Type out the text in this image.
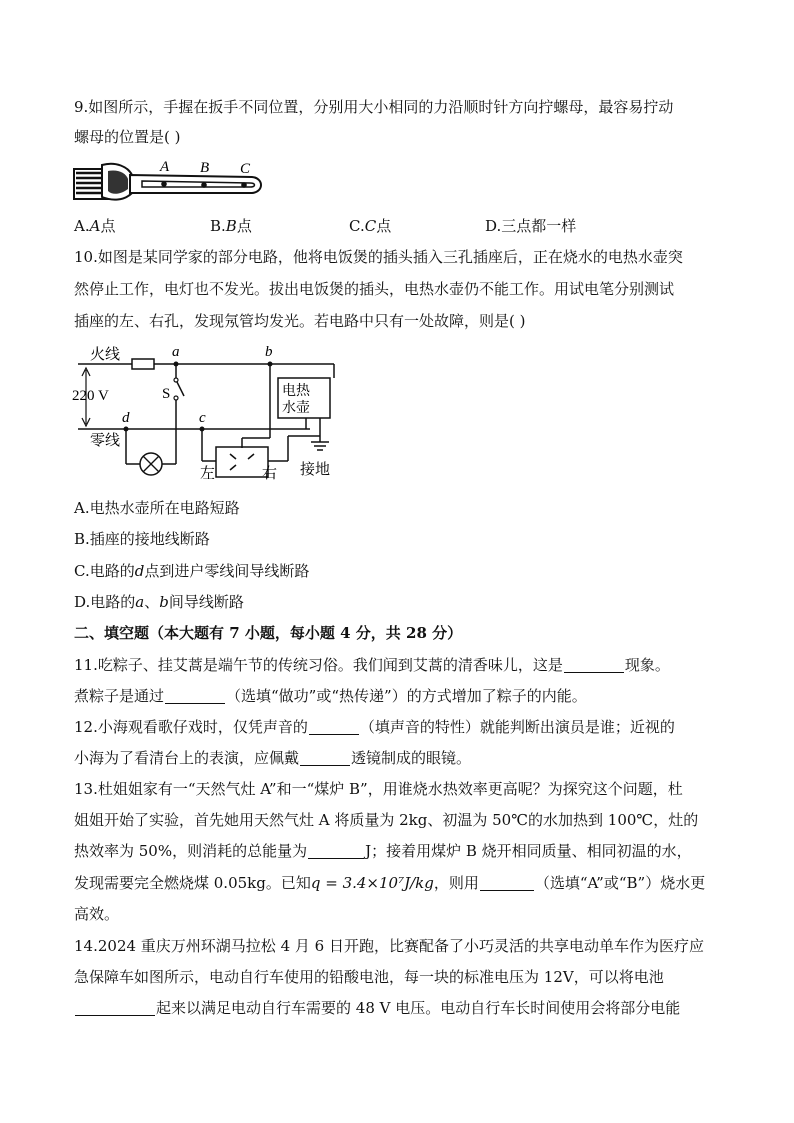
9.如图所示，手握在扳手不同位置，分别用大小相同的力沿顺时针方向拧螺母，最容易拧动
螺母的位置是( )
A B C
A.A点	B.B点	C.C点	D.三点都一样
10.如图是某同学家的部分电路，他将电饭煲的插头插入三孔插座后，正在烧水的电热水壶突
然停止工作，电灯也不发光。拔出电饭煲的插头，电热水壶仍不能工作。用试电笔分别测试
插座的左、右孔，发现氖管均发光。若电路中只有一处故障，则是( )
火线
零线
220 V	S
a	b
c
d
电热
水壶
左	右 接地
A.电热水壶所在电路短路
B.插座的接地线断路
C.电路的d点到进户零线间导线断路
D.电路的a、b间导线断路
二、填空题（本大题有 7 小题，每小题 4 分，共 28 分）
11.吃粽子、挂艾蒿是端午节的传统习俗。我们闻到艾蒿的清香味儿，这是	现象。
煮粽子是通过	（选填“做功”或“热传递”）的方式增加了粽子的内能。
12.小海观看歌仔戏时，仅凭声音的	（填声音的特性）就能判断出演员是谁；近视的
小海为了看清台上的表演，应佩戴	透镜制成的眼镜。
13.杜姐姐家有一“天然气灶 A”和一“煤炉 B”，用谁烧水热效率更高呢？为探究这个问题，杜
姐姐开始了实验，首先她用天然气灶 A 将质量为 2kg、初温为 50℃的水加热到 100℃，灶的
热效率为 50%，则消耗的总能量为	J；接着用煤炉 B 烧开相同质量、相同初温的水，
发现需要完全燃烧煤 0.05kg。已知q = 3.4×10⁷J/kg，则用	（选填“A”或“B”）烧水更
高效。
14.2024 重庆万州环湖马拉松 4 月 6 日开跑，比赛配备了小巧灵活的共享电动单车作为医疗应
急保障车如图所示，电动自行车使用的铅酸电池，每一块的标准电压为 12V，可以将电池
起来以满足电动自行车需要的 48 V 电压。电动自行车长时间使用会将部分电能
